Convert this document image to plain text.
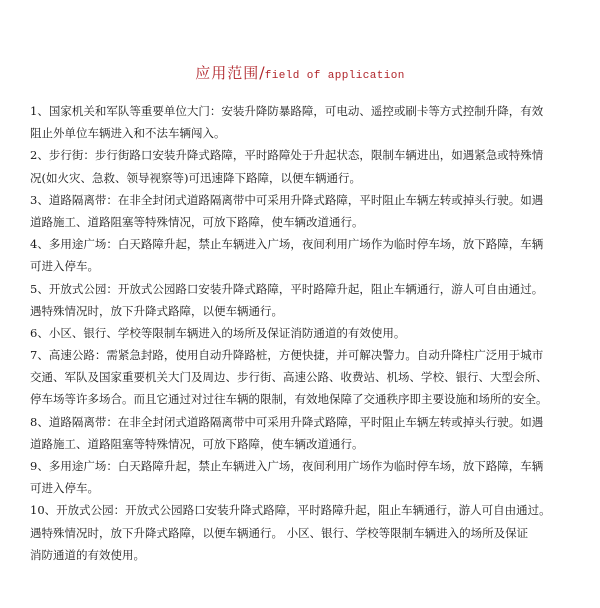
应用范围/field of application
1、国家机关和军队等重要单位大门：安装升降防暴路障，可电动、遥控或刷卡等方式控制升降，有效
阻止外单位车辆进入和不法车辆闯入。
2、步行街：步行街路口安装升降式路障，平时路障处于升起状态，限制车辆进出，如遇紧急或特殊情
况(如火灾、急救、领导视察等)可迅速降下路障，以便车辆通行。
3、道路隔离带：在非全封闭式道路隔离带中可采用升降式路障，平时阻止车辆左转或掉头行驶。如遇
道路施工、道路阻塞等特殊情况，可放下路障，使车辆改道通行。
4、多用途广场：白天路障升起，禁止车辆进入广场，夜间利用广场作为临时停车场，放下路障，车辆
可进入停车。
5、开放式公园：开放式公园路口安装升降式路障，平时路障升起，阻止车辆通行，游人可自由通过。
遇特殊情况时，放下升降式路障，以便车辆通行。
6、小区、银行、学校等限制车辆进入的场所及保证消防通道的有效使用。
7、高速公路：需紧急封路，使用自动升降路桩，方便快捷，并可解决警力。自动升降柱广泛用于城市
交通、军队及国家重要机关大门及周边、步行街、高速公路、收费站、机场、学校、银行、大型会所、
停车场等许多场合。而且它通过对过往车辆的限制，有效地保障了交通秩序即主要设施和场所的安全。
8、道路隔离带：在非全封闭式道路隔离带中可采用升降式路障，平时阻止车辆左转或掉头行驶。如遇
道路施工、道路阻塞等特殊情况，可放下路障，使车辆改道通行。
9、多用途广场：白天路障升起，禁止车辆进入广场，夜间利用广场作为临时停车场，放下路障，车辆
可进入停车。
10、开放式公园：开放式公园路口安装升降式路障，平时路障升起，阻止车辆通行，游人可自由通过。
遇特殊情况时，放下升降式路障，以便车辆通行。 小区、银行、学校等限制车辆进入的场所及保证
消防通道的有效使用。
